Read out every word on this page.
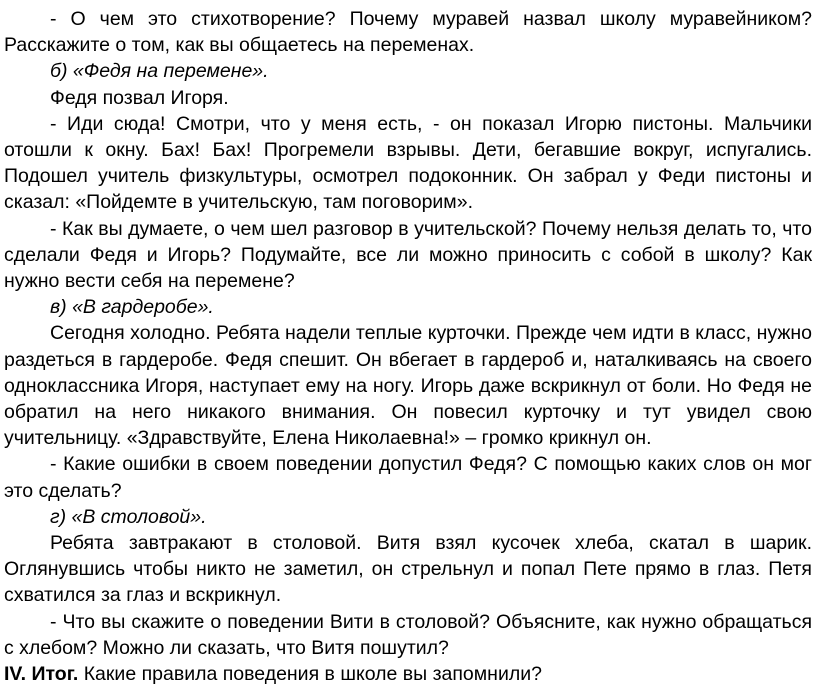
- О чем это стихотворение? Почему муравей назвал школу муравейником? Расскажите о том, как вы общаетесь на переменах.

б) «Федя на перемене».

Федя позвал Игоря.

- Иди сюда! Смотри, что у меня есть, - он показал Игорю пистоны. Мальчики отошли к окну. Бах! Бах! Прогремели взрывы. Дети, бегавшие вокруг, испугались. Подошел учитель физкультуры, осмотрел подоконник. Он забрал у Феди пистоны и сказал: «Пойдемте в учительскую, там поговорим».

- Как вы думаете, о чем шел разговор в учительской? Почему нельзя делать то, что сделали Федя и Игорь? Подумайте, все ли можно приносить с собой в школу? Как нужно вести себя на перемене?

в) «В гардеробе».

Сегодня холодно. Ребята надели теплые курточки. Прежде чем идти в класс, нужно раздеться в гардеробе. Федя спешит. Он вбегает в гардероб и, наталкиваясь на своего одноклассника Игоря, наступает ему на ногу. Игорь даже вскрикнул от боли. Но Федя не обратил на него никакого внимания. Он повесил курточку и тут увидел свою учительницу. «Здравствуйте, Елена Николаевна!» – громко крикнул он.

- Какие ошибки в своем поведении допустил Федя? С помощью каких слов он мог это сделать?

г) «В столовой».

Ребята завтракают в столовой. Витя взял кусочек хлеба, скатал в шарик. Оглянувшись чтобы никто не заметил, он стрельнул и попал Пете прямо в глаз. Петя схватился за глаз и вскрикнул.

- Что вы скажите о поведении Вити в столовой? Объясните, как нужно обращаться с хлебом? Можно ли сказать, что Витя пошутил?

IV. Итог. Какие правила поведения в школе вы запомнили?
